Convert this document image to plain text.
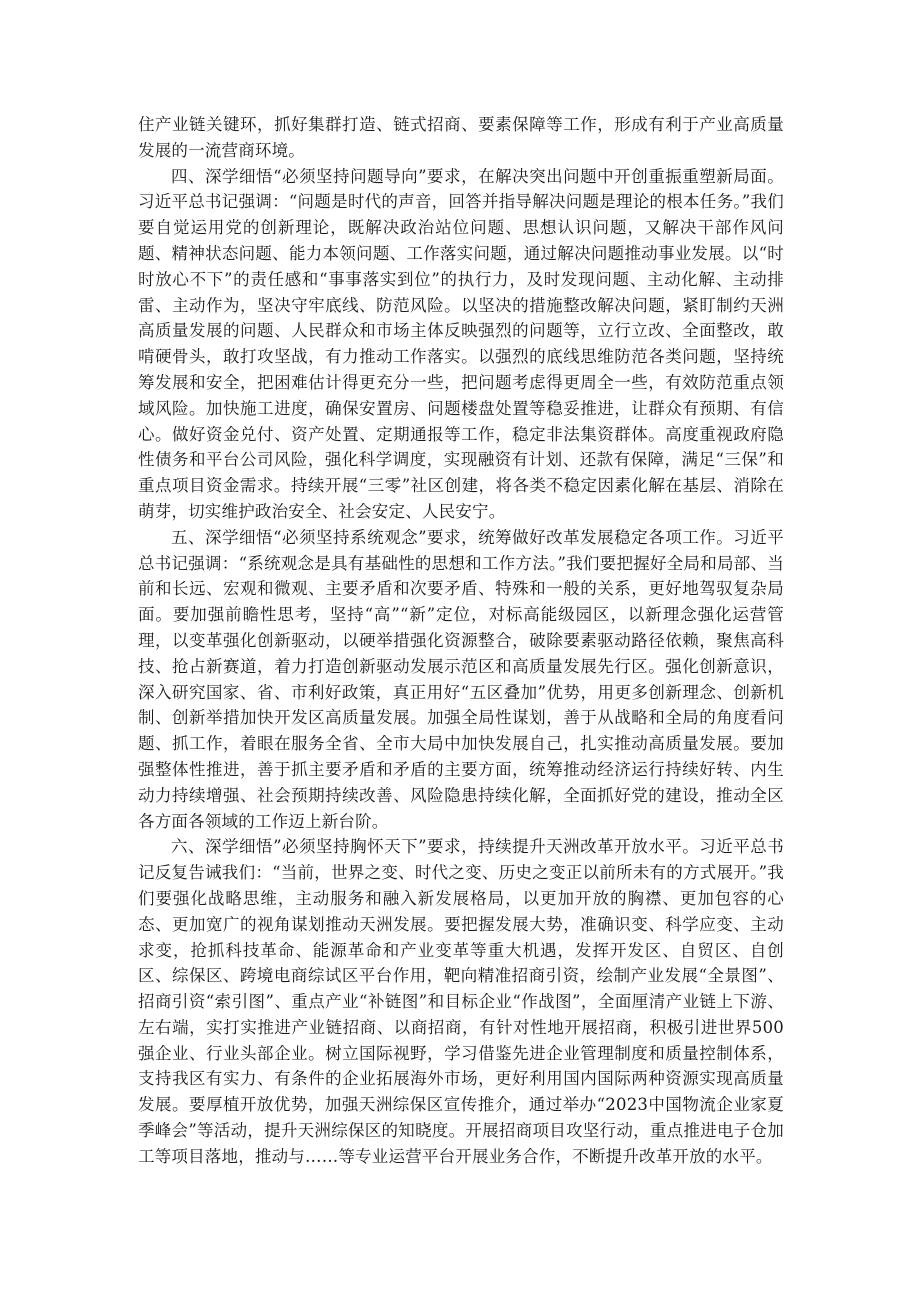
住产业链关键环，抓好集群打造、链式招商、要素保障等工作，形成有利于产业高质量发展的一流营商环境。

四、深学细悟“必须坚持问题导向”要求，在解决突出问题中开创重振重塑新局面。习近平总书记强调：“问题是时代的声音，回答并指导解决问题是理论的根本任务。”我们要自觉运用党的创新理论，既解决政治站位问题、思想认识问题，又解决干部作风问题、精神状态问题、能力本领问题、工作落实问题，通过解决问题推动事业发展。以“时时放心不下”的责任感和“事事落实到位”的执行力，及时发现问题、主动化解、主动排雷、主动作为，坚决守牢底线、防范风险。以坚决的措施整改解决问题，紧盯制约天洲高质量发展的问题、人民群众和市场主体反映强烈的问题等，立行立改、全面整改，敢啃硬骨头，敢打攻坚战，有力推动工作落实。以强烈的底线思维防范各类问题，坚持统筹发展和安全，把困难估计得更充分一些，把问题考虑得更周全一些，有效防范重点领域风险。加快施工进度，确保安置房、问题楼盘处置等稳妥推进，让群众有预期、有信心。做好资金兑付、资产处置、定期通报等工作，稳定非法集资群体。高度重视政府隐性债务和平台公司风险，强化科学调度，实现融资有计划、还款有保障，满足“三保”和重点项目资金需求。持续开展“三零”社区创建，将各类不稳定因素化解在基层、消除在萌芽，切实维护政治安全、社会安定、人民安宁。

五、深学细悟“必须坚持系统观念”要求，统筹做好改革发展稳定各项工作。习近平总书记强调：“系统观念是具有基础性的思想和工作方法。”我们要把握好全局和局部、当前和长远、宏观和微观、主要矛盾和次要矛盾、特殊和一般的关系，更好地驾驭复杂局面。要加强前瞻性思考，坚持“高”“新”定位，对标高能级园区，以新理念强化运营管理，以变革强化创新驱动，以硬举措强化资源整合，破除要素驱动路径依赖，聚焦高科技、抢占新赛道，着力打造创新驱动发展示范区和高质量发展先行区。强化创新意识，深入研究国家、省、市利好政策，真正用好“五区叠加”优势，用更多创新理念、创新机制、创新举措加快开发区高质量发展。加强全局性谋划，善于从战略和全局的角度看问题、抓工作，着眼在服务全省、全市大局中加快发展自己，扎实推动高质量发展。要加强整体性推进，善于抓主要矛盾和矛盾的主要方面，统筹推动经济运行持续好转、内生动力持续增强、社会预期持续改善、风险隐患持续化解，全面抓好党的建设，推动全区各方面各领域的工作迈上新台阶。

六、深学细悟”必须坚持胸怀天下”要求，持续提升天洲改革开放水平。习近平总书记反复告诫我们：“当前，世界之变、时代之变、历史之变正以前所未有的方式展开。”我们要强化战略思维，主动服务和融入新发展格局，以更加开放的胸襟、更加包容的心态、更加宽广的视角谋划推动天洲发展。要把握发展大势，准确识变、科学应变、主动求变，抢抓科技革命、能源革命和产业变革等重大机遇，发挥开发区、自贸区、自创区、综保区、跨境电商综试区平台作用，靶向精准招商引资，绘制产业发展“全景图”、招商引资“索引图”、重点产业“补链图”和目标企业“作战图”，全面厘清产业链上下游、左右端，实打实推进产业链招商、以商招商，有针对性地开展招商，积极引进世界500强企业、行业头部企业。树立国际视野，学习借鉴先进企业管理制度和质量控制体系，支持我区有实力、有条件的企业拓展海外市场，更好利用国内国际两种资源实现高质量发展。要厚植开放优势，加强天洲综保区宣传推介，通过举办“2023中国物流企业家夏季峰会”等活动，提升天洲综保区的知晓度。开展招商项目攻坚行动，重点推进电子仓加工等项目落地，推动与……等专业运营平台开展业务合作，不断提升改革开放的水平。
